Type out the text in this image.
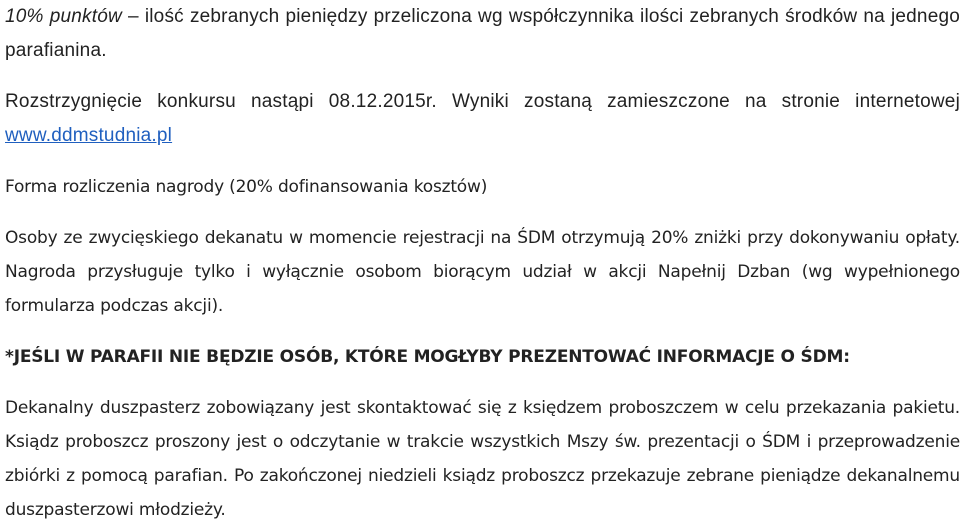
10% punktów – ilość zebranych pieniędzy przeliczona wg współczynnika ilości zebranych środków na jednego parafianina.

Rozstrzygnięcie konkursu nastąpi 08.12.2015r. Wyniki zostaną zamieszczone na stronie internetowej www.ddmstudnia.pl

Forma rozliczenia nagrody (20% dofinansowania kosztów)

Osoby ze zwycięskiego dekanatu w momencie rejestracji na ŚDM otrzymują 20% zniżki przy dokonywaniu opłaty. Nagroda przysługuje tylko i wyłącznie osobom biorącym udział w akcji Napełnij Dzban (wg wypełnionego formularza podczas akcji).

*JEŚLI W PARAFII NIE BĘDZIE OSÓB, KTÓRE MOGŁYBY PREZENTOWAĆ INFORMACJE O ŚDM:

Dekanalny duszpasterz zobowiązany jest skontaktować się z księdzem proboszczem w celu przekazania pakietu. Ksiądz proboszcz proszony jest o odczytanie w trakcie wszystkich Mszy św. prezentacji o ŚDM i przeprowadzenie zbiórki z pomocą parafian. Po zakończonej niedzieli ksiądz proboszcz przekazuje zebrane pieniądze dekanalnemu duszpasterzowi młodzieży.
